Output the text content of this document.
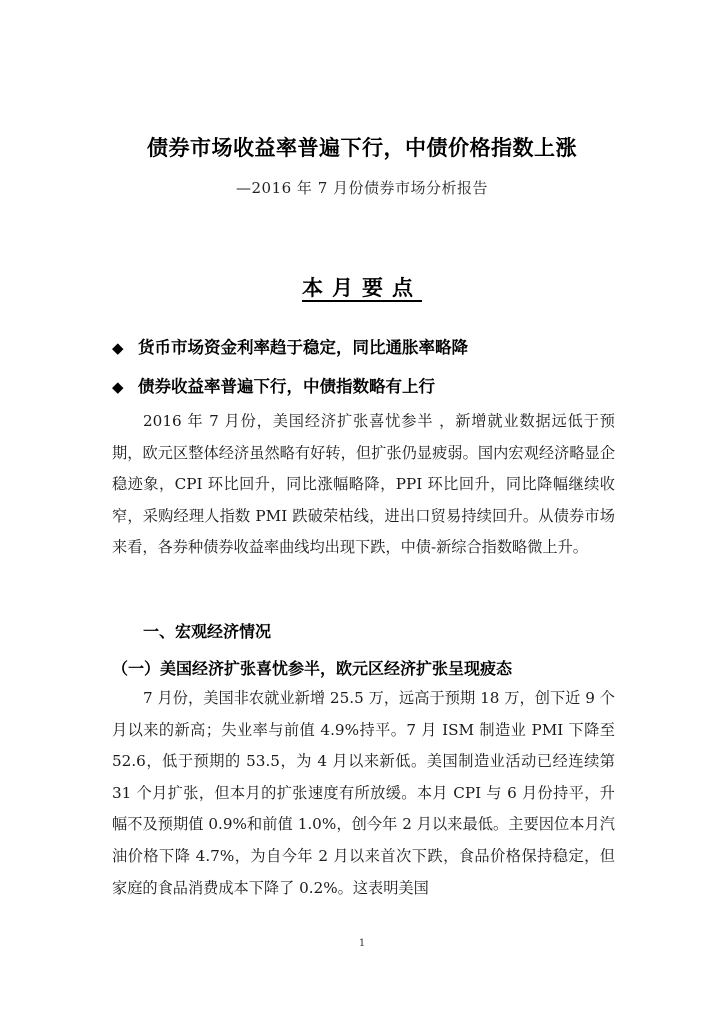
债券市场收益率普遍下行，中债价格指数上涨
—2016 年 7 月份债券市场分析报告
本月要点
◆ 货币市场资金利率趋于稳定，同比通胀率略降
◆ 债券收益率普遍下行，中债指数略有上行
2016 年 7 月份，美国经济扩张喜忧参半 ，新增就业数据远低于预期，欧元区整体经济虽然略有好转，但扩张仍显疲弱。国内宏观经济略显企稳迹象，CPI 环比回升，同比涨幅略降，PPI 环比回升，同比降幅继续收窄，采购经理人指数 PMI 跌破荣枯线，进出口贸易持续回升。从债券市场来看，各券种债券收益率曲线均出现下跌，中债-新综合指数略微上升。
一、宏观经济情况
（一）美国经济扩张喜忧参半，欧元区经济扩张呈现疲态
7 月份，美国非农就业新增 25.5 万，远高于预期 18 万，创下近 9 个月以来的新高；失业率与前值 4.9%持平。7 月 ISM 制造业 PMI 下降至 52.6，低于预期的 53.5，为 4 月以来新低。美国制造业活动已经连续第 31 个月扩张，但本月的扩张速度有所放缓。本月 CPI 与 6 月份持平，升幅不及预期值 0.9%和前值 1.0%，创今年 2 月以来最低。主要因位本月汽油价格下降 4.7%，为自今年 2 月以来首次下跌，食品价格保持稳定，但家庭的食品消费成本下降了 0.2%。这表明美国
1
